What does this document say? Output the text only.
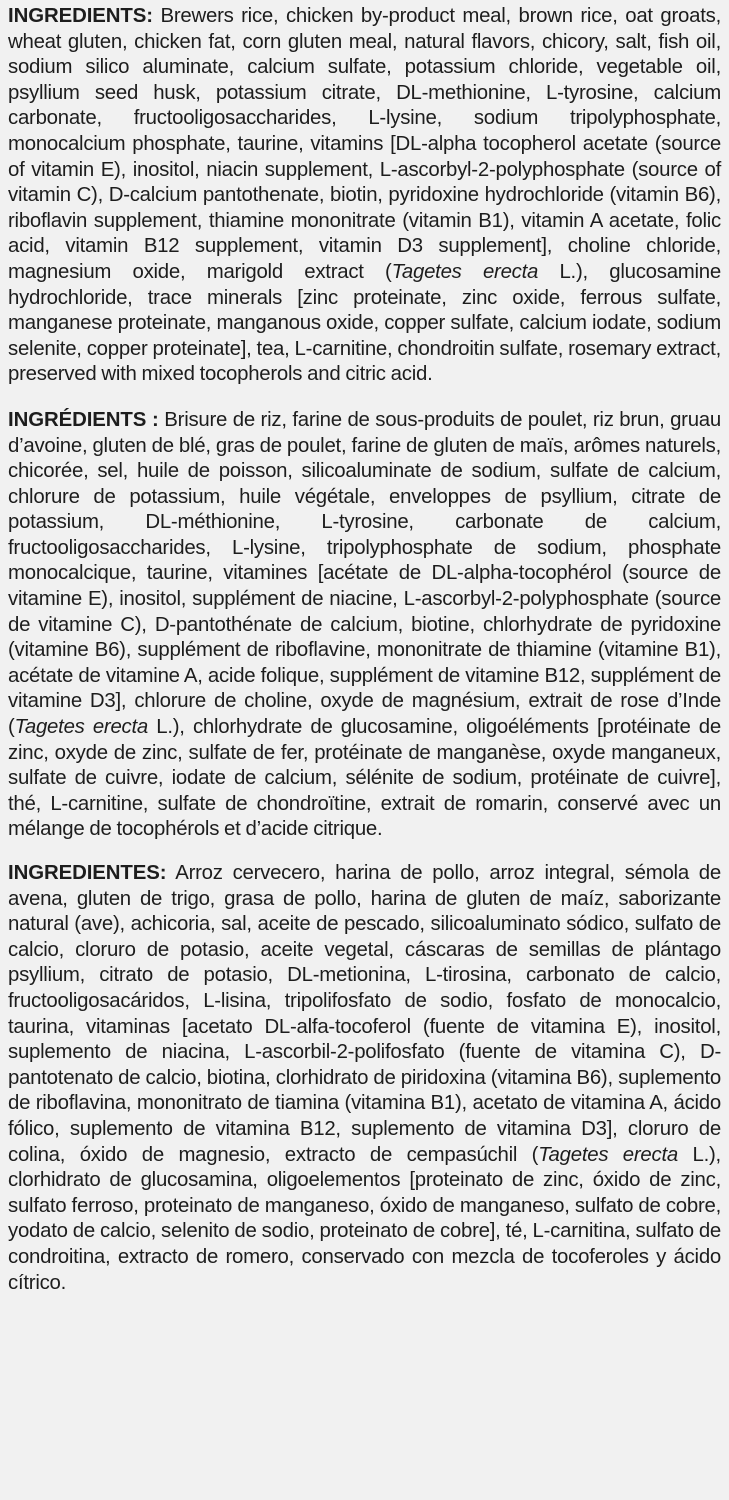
INGREDIENTS: Brewers rice, chicken by-product meal, brown rice, oat groats, wheat gluten, chicken fat, corn gluten meal, natural flavors, chicory, salt, fish oil, sodium silico aluminate, calcium sulfate, potassium chloride, vegetable oil, psyllium seed husk, potassium citrate, DL-methionine, L-tyrosine, calcium carbonate, fructooligosaccharides, L-lysine, sodium tripolyphosphate, monocalcium phosphate, taurine, vitamins [DL-alpha tocopherol acetate (source of vitamin E), inositol, niacin supplement, L-ascorbyl-2-polyphosphate (source of vitamin C), D-calcium pantothenate, biotin, pyridoxine hydrochloride (vitamin B6), riboflavin supplement, thiamine mononitrate (vitamin B1), vitamin A acetate, folic acid, vitamin B12 supplement, vitamin D3 supplement], choline chloride, magnesium oxide, marigold extract (Tagetes erecta L.), glucosamine hydrochloride, trace minerals [zinc proteinate, zinc oxide, ferrous sulfate, manganese proteinate, manganous oxide, copper sulfate, calcium iodate, sodium selenite, copper proteinate], tea, L-carnitine, chondroitin sulfate, rosemary extract, preserved with mixed tocopherols and citric acid.

INGRÉDIENTS : Brisure de riz, farine de sous-produits de poulet, riz brun, gruau d’avoine, gluten de blé, gras de poulet, farine de gluten de maïs, arômes naturels, chicorée, sel, huile de poisson, silicoaluminate de sodium, sulfate de calcium, chlorure de potassium, huile végétale, enveloppes de psyllium, citrate de potassium, DL-méthionine, L-tyrosine, carbonate de calcium, fructooligosaccharides, L-lysine, tripolyphosphate de sodium, phosphate monocalcique, taurine, vitamines [acétate de DL-alpha-tocophérol (source de vitamine E), inositol, supplément de niacine, L-ascorbyl-2-polyphosphate (source de vitamine C), D-pantothénate de calcium, biotine, chlorhydrate de pyridoxine (vitamine B6), supplément de riboflavine, mononitrate de thiamine (vitamine B1), acétate de vitamine A, acide folique, supplément de vitamine B12, supplément de vitamine D3], chlorure de choline, oxyde de magnésium, extrait de rose d’Inde (Tagetes erecta L.), chlorhydrate de glucosamine, oligoéléments [protéinate de zinc, oxyde de zinc, sulfate de fer, protéinate de manganèse, oxyde manganeux, sulfate de cuivre, iodate de calcium, sélénite de sodium, protéinate de cuivre], thé, L-carnitine, sulfate de chondroïtine, extrait de romarin, conservé avec un mélange de tocophérols et d’acide citrique.

INGREDIENTES: Arroz cervecero, harina de pollo, arroz integral, sémola de avena, gluten de trigo, grasa de pollo, harina de gluten de maíz, saborizante natural (ave), achicoria, sal, aceite de pescado, silicoaluminato sódico, sulfato de calcio, cloruro de potasio, aceite vegetal, cáscaras de semillas de plántago psyllium, citrato de potasio, DL-metionina, L-tirosina, carbonato de calcio, fructooligosacáridos, L-lisina, tripolifosfato de sodio, fosfato de monocalcio, taurina, vitaminas [acetato DL-alfa-tocoferol (fuente de vitamina E), inositol, suplemento de niacina, L-ascorbil-2-polifosfato (fuente de vitamina C), D-pantotenato de calcio, biotina, clorhidrato de piridoxina (vitamina B6), suplemento de riboflavina, mononitrato de tiamina (vitamina B1), acetato de vitamina A, ácido fólico, suplemento de vitamina B12, suplemento de vitamina D3], cloruro de colina, óxido de magnesio, extracto de cempasúchil (Tagetes erecta L.), clorhidrato de glucosamina, oligoelementos [proteinato de zinc, óxido de zinc, sulfato ferroso, proteinato de manganeso, óxido de manganeso, sulfato de cobre, yodato de calcio, selenito de sodio, proteinato de cobre], té, L-carnitina, sulfato de condroitina, extracto de romero, conservado con mezcla de tocoferoles y ácido cítrico.
